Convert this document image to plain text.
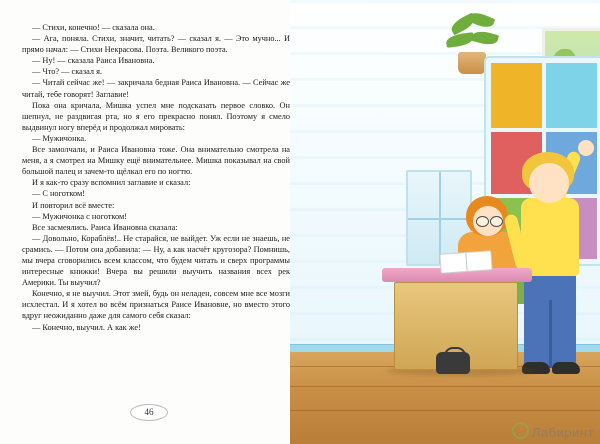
— Стихи, конечно! — сказала она.

— Ага, поняла. Стихи, значит, читать? — сказал я. — Это мучно... И прямо начал: — Стихи Некрасова. Поэта. Великого поэта.

— Ну! — сказала Раиса Ивановна.

— Что? — сказал я.

— Читай сейчас же! — закричала бедная Раиса Ивановна. — Сейчас же читай, тебе говорят! Заглавие!

Пока она кричала, Мишка успел мне подсказать первое словко. Он шепнул, не раздвигая рта, но я его прекрасно понял. Поэтому я смело выдвинул ногу вперёд и продолжал мировать:

— Мужичонка.

Все замолчали, и Раиса Ивановна тоже. Она внимательно смотрела на меня, а я смотрел на Мишку ещё внимательнее. Мишка показывал на свой большой палец и зачем-то щёлкал его по ногтю.

И я как-то сразу вспомнил заглавие и сказал:

— С ноготком!

И повторил всё вместе:

— Мужичонка с ноготком!

Все засмеялись. Раиса Ивановна сказала:

— Довольно, Кораблёв!.. Не старайся, не выйдет. Уж если не знаешь, не срамись. — Потом она добавила: — Ну, а как насчёт кругозора? Помнишь, мы вчера сговорились всем классом, что будем читать и сверх программы интересные книжки! Вчера вы решили выучить названия всех рек Америки. Ты выучил?

Конечно, я не выучил. Этот змей, будь он неладен, совсем мне все мозги исхлестал. И я хотел во всём признаться Раисе Ивановне, но вместо этого вдруг неожиданно даже для самого себя сказал:

— Конечно, выучил. А как же!

46
Лабиринт
